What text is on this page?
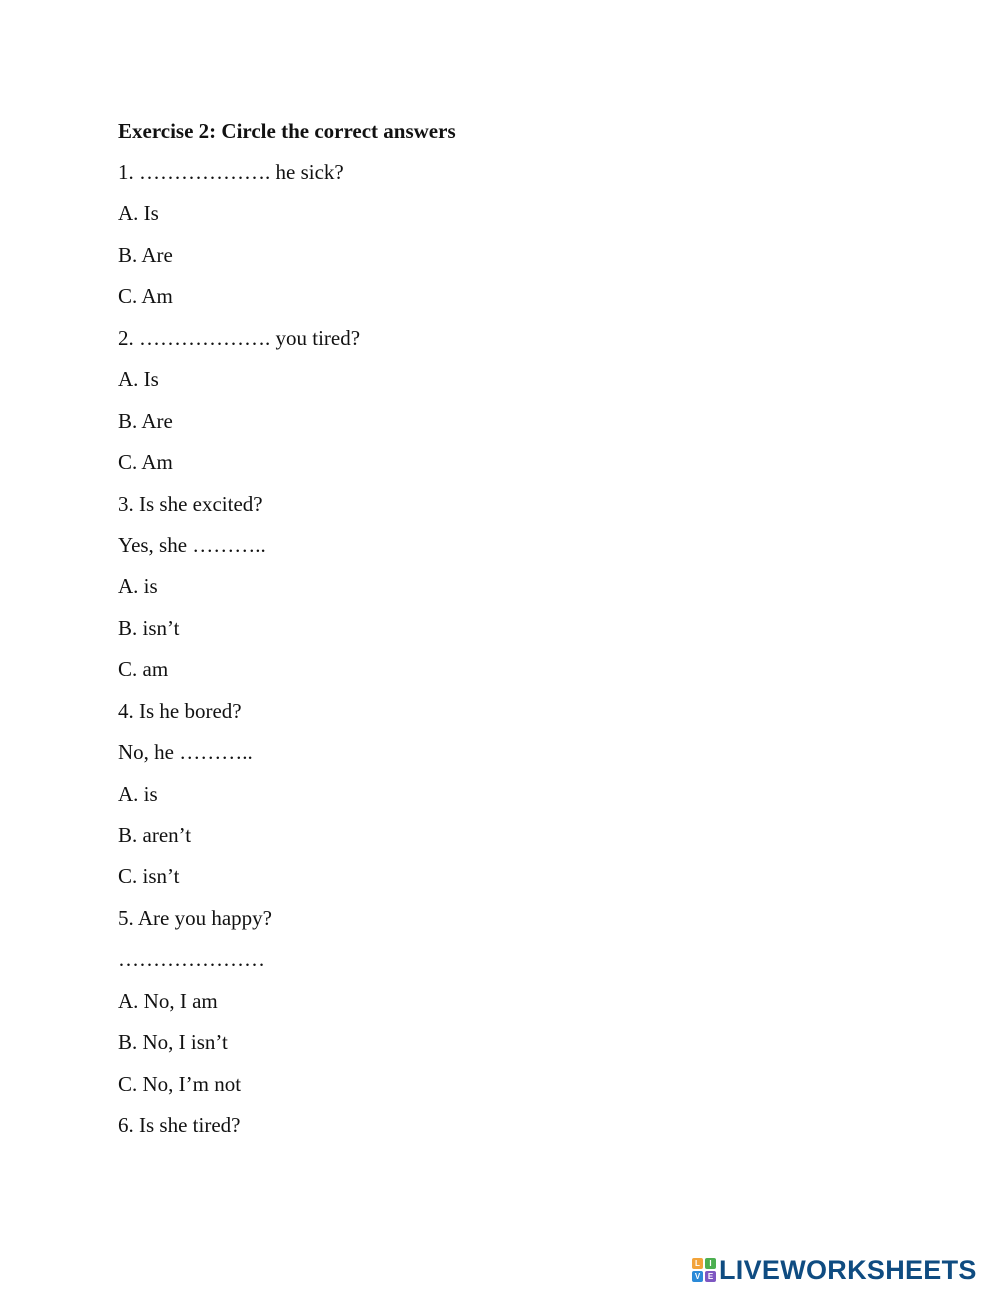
Exercise 2: Circle the correct answers
1. ………………. he sick?
A. Is
B. Are
C. Am
2. ………………. you tired?
A. Is
B. Are
C. Am
3. Is she excited?
Yes, she ………..
A. is
B. isn’t
C. am
4. Is he bored?
No, he ………..
A. is
B. aren’t
C. isn’t
5. Are you happy?
…………………
A. No, I am
B. No, I isn’t
C. No, I’m not
6. Is she tired?
L	I
V E LIVEWORKSHEETS
